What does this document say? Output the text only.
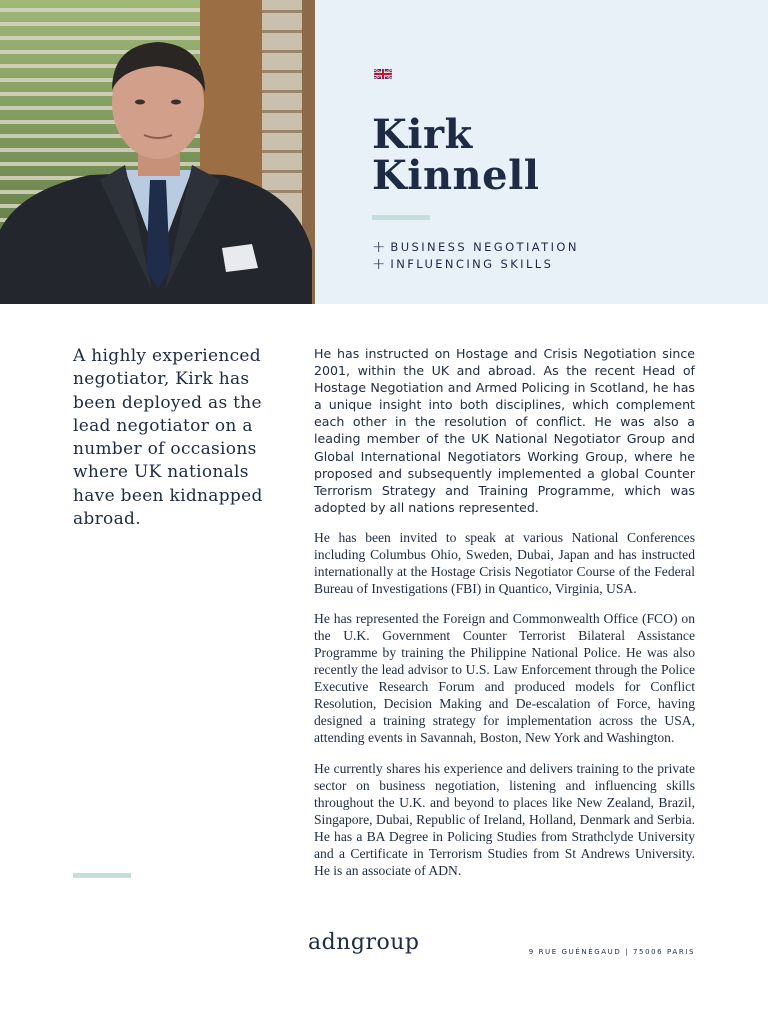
Kirk
Kinnell
+ BUSINESS NEGOTIATION
+ INFLUENCING SKILLS

A highly experienced negotiator, Kirk has been deployed as the lead negotiator on a number of occasions where UK nationals have been kidnapped abroad.

He has instructed on Hostage and Crisis Negotiation since 2001, within the UK and abroad. As the recent Head of Hostage Negotiation and Armed Policing in Scotland, he has a unique insight into both disciplines, which complement each other in the resolution of conflict. He was also a leading member of the UK National Negotiator Group and Global International Negotiators Working Group, where he proposed and subsequently implemented a global Counter Terrorism Strategy and Training Programme, which was adopted by all nations represented.

He has been invited to speak at various National Conferences including Columbus Ohio, Sweden, Dubai, Japan and has instructed internationally at the Hostage Crisis Negotiator Course of the Federal Bureau of Investigations (FBI) in Quantico, Virginia, USA.

He has represented the Foreign and Commonwealth Office (FCO) on the U.K. Government Counter Terrorist Bilateral Assistance Programme by training the Philippine National Police. He was also recently the lead advisor to U.S. Law Enforcement through the Police Executive Research Forum and produced models for Conflict Resolution, Decision Making and De-escalation of Force, having designed a training strategy for implementation across the USA, attending events in Savannah, Boston, New York and Washington.

He currently shares his experience and delivers training to the private sector on business negotiation, listening and influencing skills throughout the U.K. and beyond to places like New Zealand, Brazil, Singapore, Dubai, Republic of Ireland, Holland, Denmark and Serbia. He has a BA Degree in Policing Studies from Strathclyde University and a Certificate in Terrorism Studies from St Andrews University. He is an associate of ADN.

adngroup	9 RUE GUÉNÉGAUD | 75006 PARIS
